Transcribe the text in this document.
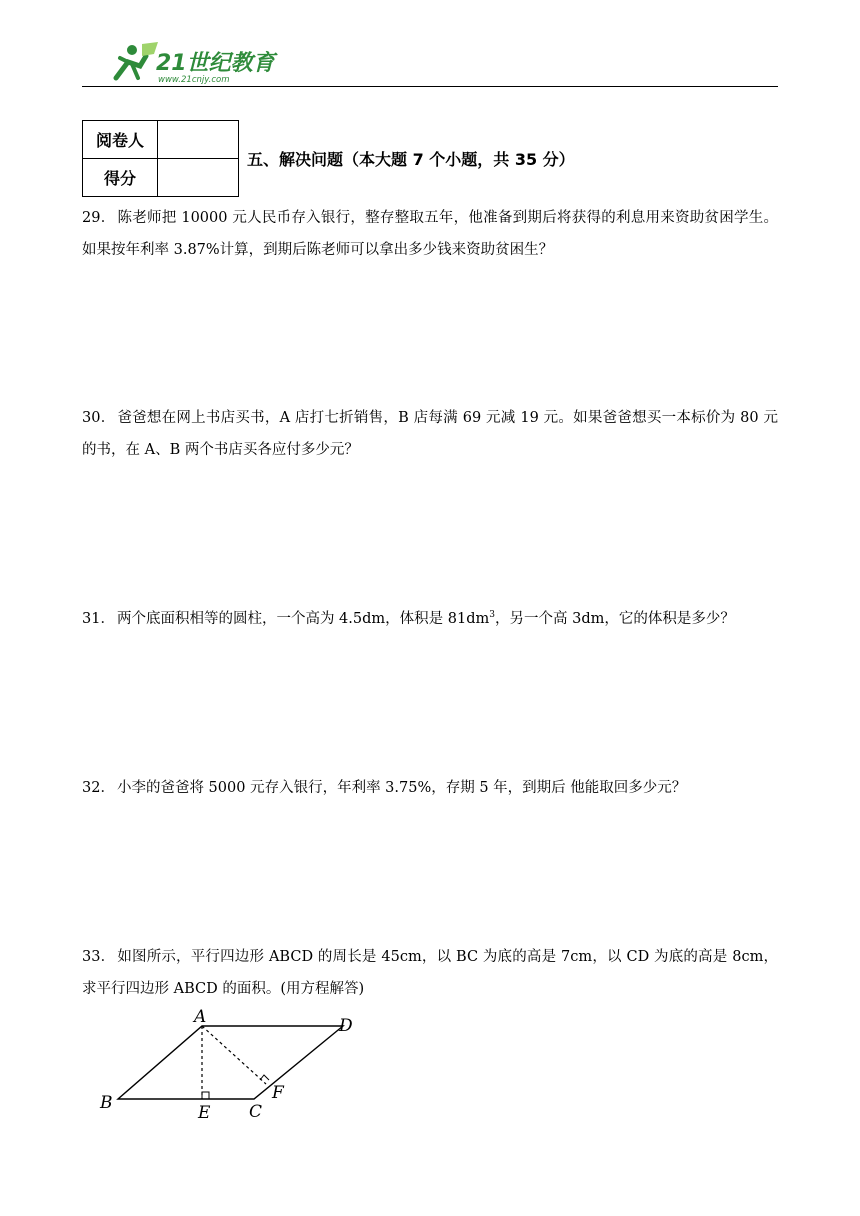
21世纪教育
www.21cnjy.com
阅卷人	
得分	
五、解决问题（本大题 7 个小题，共 35 分）
29． 陈老师把 10000 元人民币存入银行，整存整取五年，他准备到期后将获得的利息用来资助贫困学生。如果按年利率 3.87%计算，到期后陈老师可以拿出多少钱来资助贫困生？
30． 爸爸想在网上书店买书，A 店打七折销售，B 店每满 69 元减 19 元。如果爸爸想买一本标价为 80 元的书，在 A、B 两个书店买各应付多少元？
31． 两个底面积相等的圆柱，一个高为 4.5dm，体积是 $81dm^3$，另一个高 3dm，它的体积是多少？
32． 小李的爸爸将 5000 元存入银行，年利率 3.75%，存期 5 年，到期后 他能取回多少元？
33． 如图所示，平行四边形 ABCD 的周长是 45cm，以 BC 为底的高是 7cm，以 CD 为底的高是 8cm，求平行四边形 ABCD 的面积。(用方程解答)
A
B	C
D
E
F
